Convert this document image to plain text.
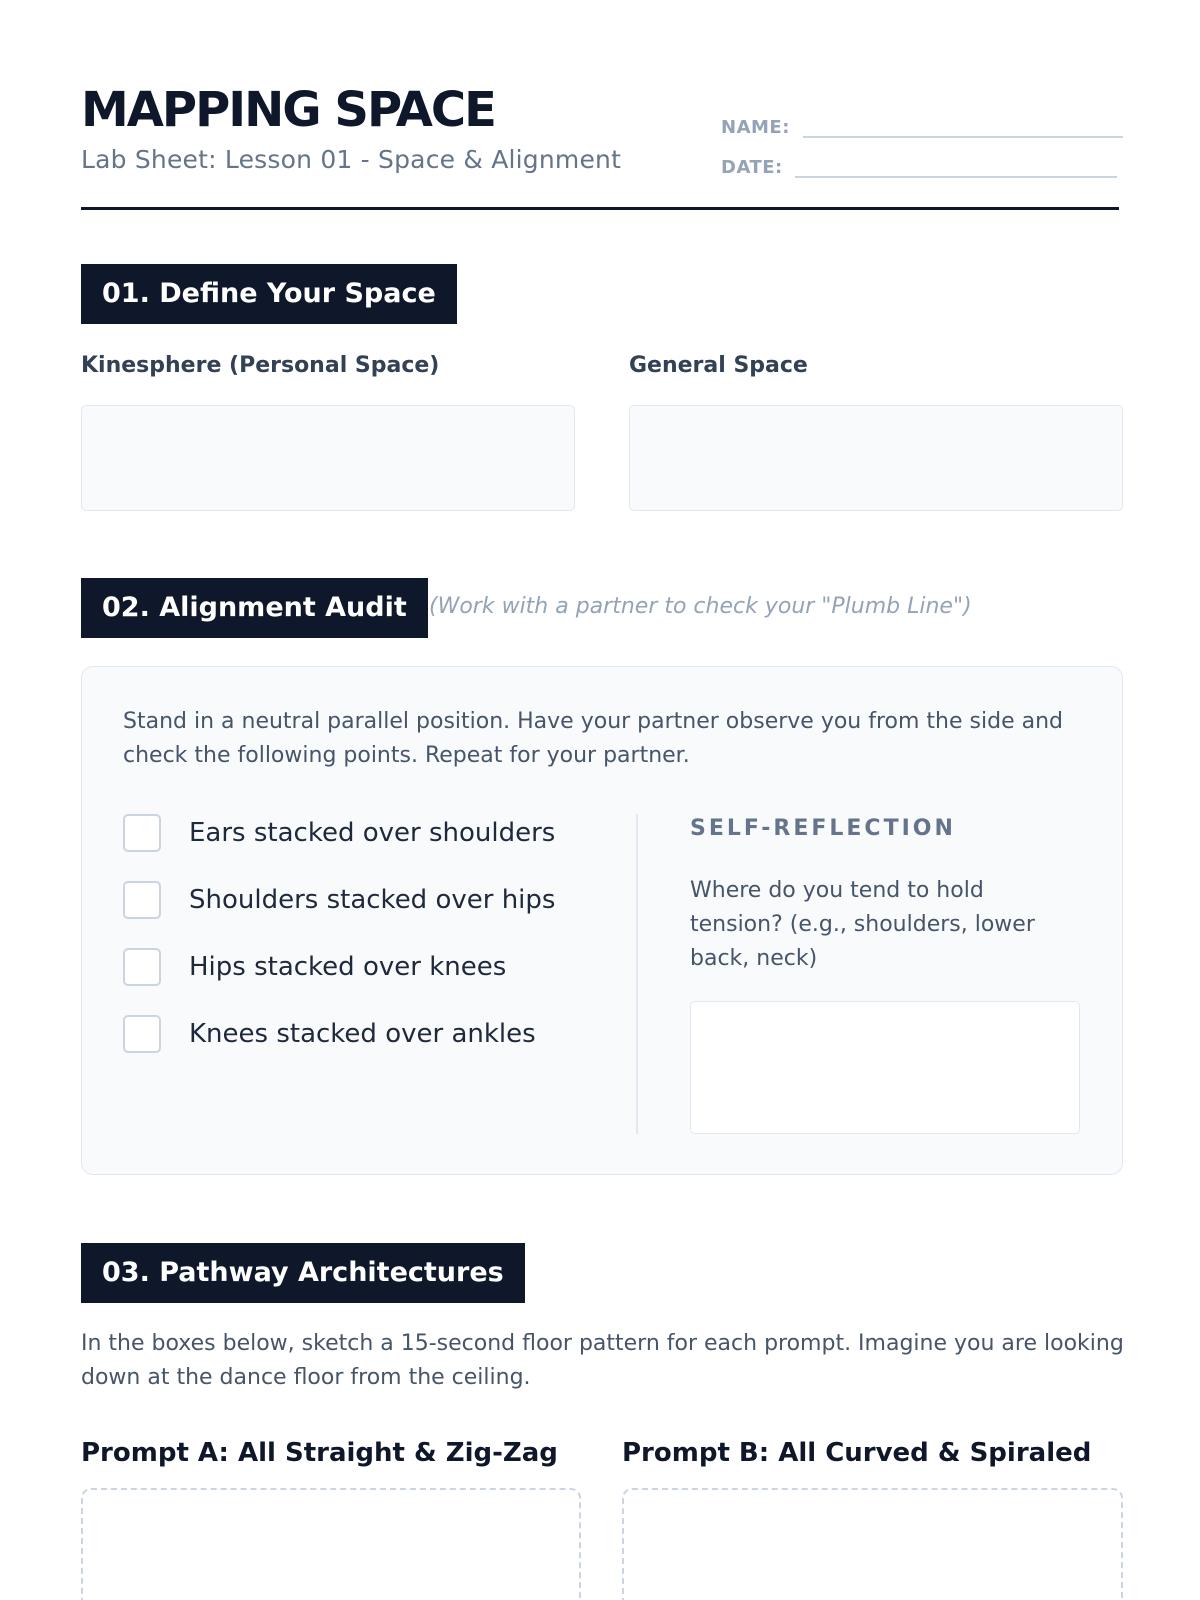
MAPPING SPACE
Lab Sheet: Lesson 01 - Space & Alignment
NAME:
DATE:
01. Define Your Space
Kinesphere (Personal Space)	General Space
02. Alignment Audit	(Work with a partner to check your "Plumb Line")
Stand in a neutral parallel position. Have your partner observe you from the side and check the following points. Repeat for your partner.
Ears stacked over shoulders
Shoulders stacked over hips
Hips stacked over knees
Knees stacked over ankles
SELF-REFLECTION
Where do you tend to hold tension? (e.g., shoulders, lower back, neck)
03. Pathway Architectures
In the boxes below, sketch a 15-second floor pattern for each prompt. Imagine you are looking down at the dance floor from the ceiling.
Prompt A: All Straight & Zig-Zag Prompt B: All Curved & Spiraled
